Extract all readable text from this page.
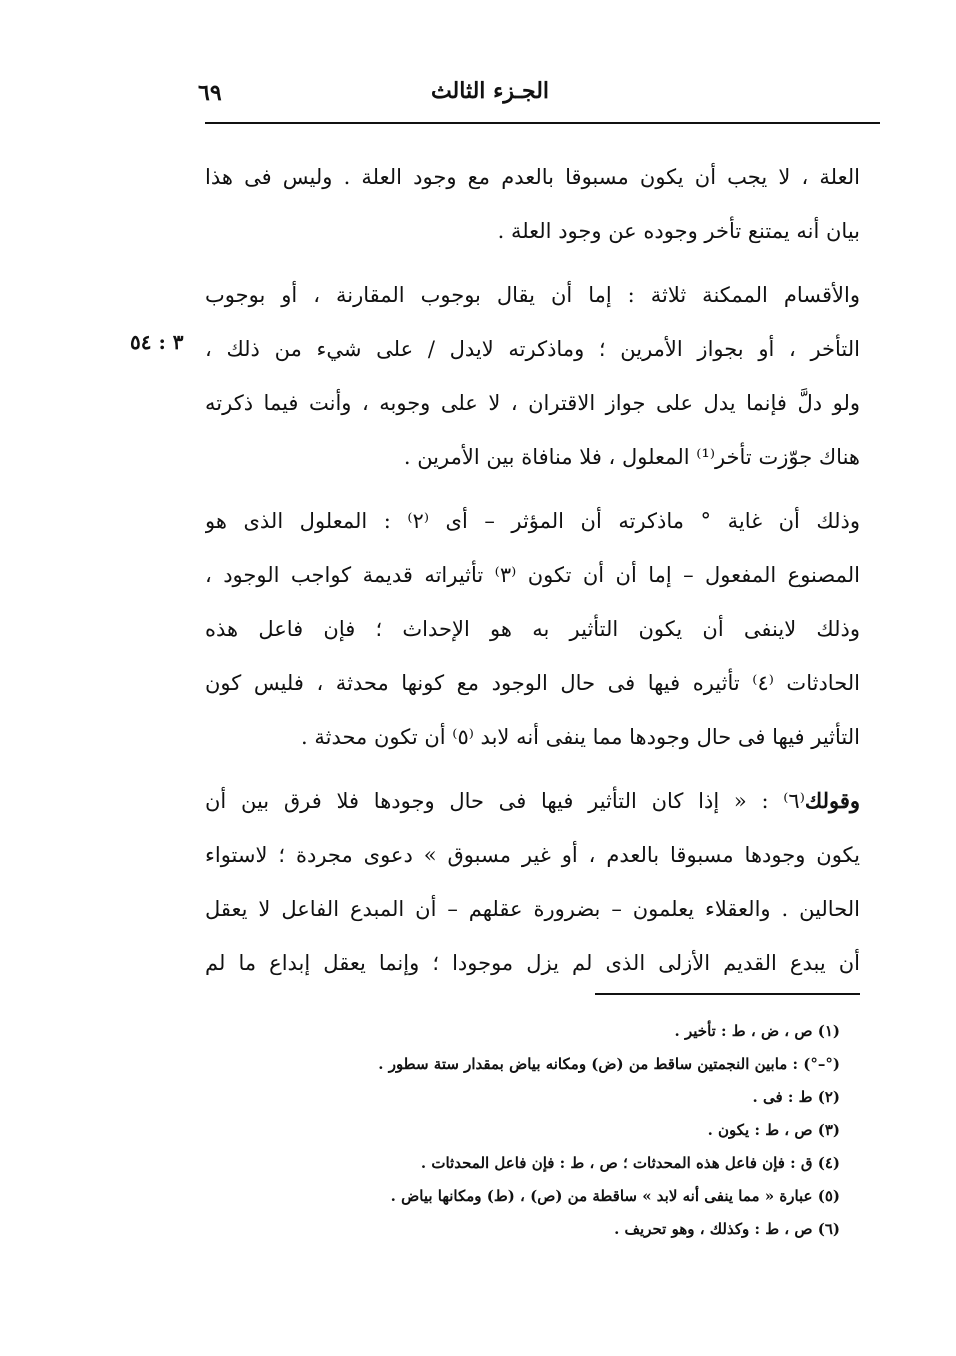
الجـزء الثالث
٦٩
٣ : ٥٤
العلة ، لا يجب أن يكون مسبوقا بالعدم مع وجود العلة . وليس فى هذا
بيان أنه يمتنع تأخر وجوده عن وجود العلة .
والأقسام الممكنة ثلاثة : إما أن يقال بوجوب المقارنة ، أو بوجوب
التأخر ، أو بجواز الأمرين ؛ وماذكرته لايدل / على شيء من ذلك ،
ولو دلَّ فإنما يدل على جواز الاقتران ، لا على وجوبه ، وأنت فيما ذكرته
هناك جوّزت تأخر⁽¹⁾ المعلول ، فلا منافاة بين الأمرين .
وذلك أن غاية ° ماذكرته أن المؤثر – أى ⁽٢⁾ : المعلول الذى هو
المصنوع المفعول – إما أن أن تكون ⁽٣⁾ تأثيراته قديمة كواجب الوجود ،
وذلك لاينفى أن يكون التأثير به هو الإحداث ؛ فإن فاعل هذه
الحادثات ⁽٤⁾ تأثيره فيها فى حال الوجود مع كونها محدثة ، فليس كون
التأثير فيها فى حال وجودها مما ينفى أنه لابد ⁽٥⁾ أن تكون محدثة .
وقولك⁽٦⁾ : « إذا كان التأثير فيها فى حال وجودها فلا فرق بين أن
يكون وجودها مسبوقا بالعدم ، أو غير مسبوق » دعوى مجردة ؛ لاستواء
الحالين . والعقلاء يعلمون – بضرورة عقلهم – أن المبدع الفاعل لا يعقل
أن يبدع القديم الأزلى الذى لم يزل موجودا ؛ وإنما يعقل إبداع ما لم
(١) ص ، ض ، ط : تأخير .
(°–°) : مابين النجمتين ساقط من (ض) ومكانه بياض بمقدار ستة سطور .
(٢) ط : فى .
(٣) ص ، ط : يكون .
(٤) ق : فإن فاعل هذه المحدثات ؛ ص ، ط : فإن فاعل المحدثات .
(٥) عبارة « مما ينفى أنه لابد » ساقطة من (ص) ، (ط) ومكانها بياض .
(٦) ص ، ط : وكذلك ، وهو تحريف .
